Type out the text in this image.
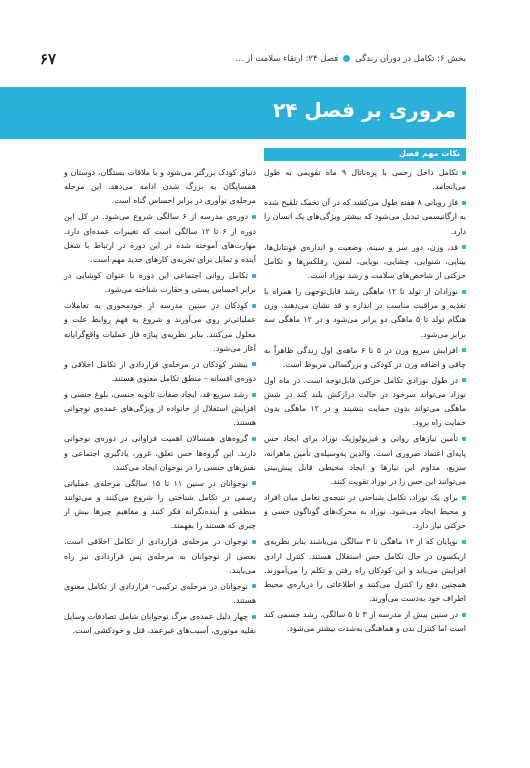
۶۷	بخش ۶: تکامل در دوران زندگیفصل ۲۴: ارتقاء سلامت از ...
مروری بر فصل ۲۴
نکات مهم فصل

تکامل داخل رحمی یا پره‌ناتال ۹ ماه تقویمی به طول می‌انجامد.

فاز رویانی ۸ هفته طول می‌کشد که در آن تخمک تلقیح شده به ارگانیسمی تبدیل می‌شود که بیشتر ویژگی‌های یک انسان را دارد.

قد، وزن، دور سر و سینه، وضعیت و اندازه‌ی فونتانل‌ها، بینایی، شنوایی، چشایی، بویایی، لمس، رفلکس‌ها و تکامل حرکتی از شاخص‌های سلامت و رشد نوزاد است.

نوزادان از تولد تا ۱۲ ماهگی رشد قابل‌توجهی را همراه با تغذیه و مراقبت مناسب در اندازه و قد نشان می‌دهند. وزن هنگام تولد تا ۵ ماهگی دو برابر می‌شود و در ۱۲ ماهگی سه برابر می‌شود.

افزایش سریع وزن در ۵ تا ۶ ماهه‌ی اول زندگی ظاهراً به چاقی و اضافه وزن در کودکی و بزرگسالی مربوط است.

در طول نوزادی تکامل حرکتی قابل‌توجه است. در ماه اول نوزاد می‌تواند سرخود در حالت درازکش بلند کند در شش ماهگی می‌تواند بدون حمایت بنشیند و در ۱۲ ماهگی بدون حمایت راه برود.

تأمین نیازهای روانی و فیزیولوژیک نوزاد برای ایجاد حس پایه‌ای اعتماد ضروری است. والدین به‌وسیله‌ی تأمین ماهرانه، سریع، مداوم این نیازها و ایجاد محیطی قابل پیش‌بینی می‌توانند این حس را در نوزاد تقویت کنند.

برای یک نوزاد، تکامل شناختی در نتیجه‌ی تعامل میان افراد و محیط ایجاد می‌شود. نوزاد به محرک‌های گوناگون حسی و حرکتی نیاز دارد.

نوپایان که از ۱۲ ماهگی تا ۳ سالگی می‌باشند بنابر نظریه‌ی اریکسون در حال تکامل حس استقلال هستند. کنترل ارادی افزایش می‌یابد و این کودکان راه رفتن و تکلم را می‌آموزند. همچنین دفع را کنترل می‌کنند و اطلاعاتی را درباره‌ی محیط اطراف خود به‌دست می‌آورند.

در سنین پیش از مدرسه از ۳ تا ۵ سالگی، رشد جسمی کند است اما کنترل بدن و هماهنگی به‌شدت بیشتر می‌شود.

دنیای کودک بزرگتر می‌شود و با ملاقات بستگان، دوستان و همسایگان به بزرگ شدن ادامه می‌دهد. این مرحله مرحله‌ی نوآوری در برابر احساس گناه است.

دوره‌ی مدرسه از ۶ سالگی شروع می‌شود. در کل این دوره از ۶ تا ۱۲ سالگی است که تغییرات عمده‌ای دارد. مهارت‌های آموخته شده در این دوره در ارتباط با شغل آینده و تمایل برای تجربه‌ی کارهای جدید مهم است.

تکامل روانی اجتماعی این دوره با عنوان کوشایی در برابر احساس پستی و حقارت شناخته می‌شود.

کودکان در سنین مدرسه از خودمحوری به تعاملات عملیاتی‌تر روی می‌آورند و شروع به فهم روابط علت و معلول می‌کنند. بنابر نظریه‌ی پیاژه فاز عملیات واقع‌گرایانه آغاز می‌شود.

بیشتر کودکان در مرحله‌ی قراردادی از تکامل اخلاقی و دوره‌ی افسانه – منطق تکامل معنوی هستند.

رشد سریع قد، ایجاد صفات ثانویه جنسی، بلوغ جنسی و افزایش استقلال از خانواده از ویژگی‌های عمده‌ی نوجوانی هستند.

گروه‌های همسالان اهمیت فراوانی در دوره‌ی نوجوانی دارند. این گروه‌ها حس تعلق، غرور، یادگیری اجتماعی و نقش‌های جنسی را در نوجوان ایجاد می‌کنند.

نوجوانان در سنین ۱۱ تا ۱۵ سالگی مرحله‌ی عملیاتی رسمی در تکامل شناختی را شروع می‌کنند و می‌توانند منطقی و آینده‌نگرانه فکر کنند و مفاهیم چیزها بیش از چیزی که هستند را بفهمند.

نوجوان در مرحله‌ی قراردادی از تکامل اخلاقی است. بعضی از نوجوانان به مرحله‌ی پس قراردادی نیز راه می‌یابند.

نوجوانان در مرحله‌ی ترکیبی– قراردادی از تکامل معنوی هستند.

چهار دلیل عمده‌ی مرگ نوجوانان شامل تصادفات وسایل نقلیه موتوری، آسیب‌های غیرعمد، قتل و خودکشی است.
